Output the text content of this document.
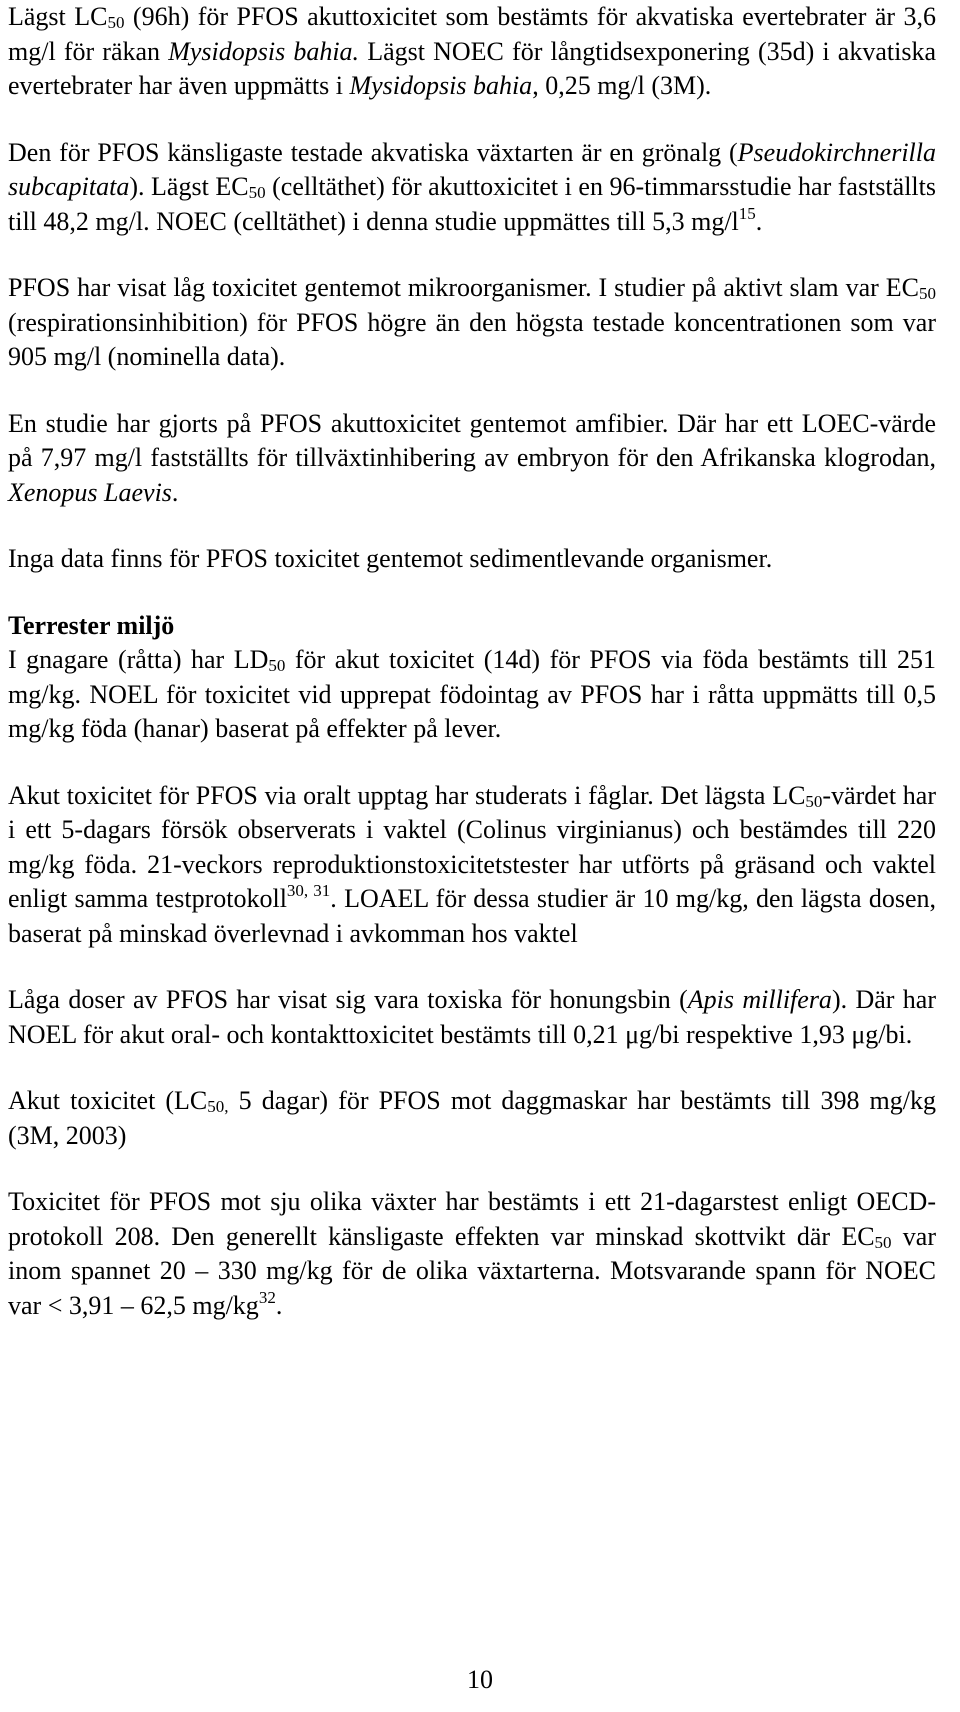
Lägst $LC_{50}$ (96h) för PFOS akuttoxicitet som bestämts för akvatiska evertebrater är 3,6 mg/l för räkan Mysidopsis bahia. Lägst NOEC för långtidsexponering (35d) i akvatiska evertebrater har även uppmätts i Mysidopsis bahia, 0,25 mg/l (3M).

Den för PFOS känsligaste testade akvatiska växtarten är en grönalg (Pseudokirchnerilla subcapitata). Lägst $EC_{50}$ (celltäthet) för akuttoxicitet i en 96-timmarsstudie har fastställts till 48,2 mg/l. NOEC (celltäthet) i denna studie uppmättes till 5,3 $mg/l^{15}$.

PFOS har visat låg toxicitet gentemot mikroorganismer. I studier på aktivt slam var $EC_{50}$ (respirationsinhibition) för PFOS högre än den högsta testade koncentrationen som var 905 mg/l (nominella data).

En studie har gjorts på PFOS akuttoxicitet gentemot amfibier. Där har ett LOEC-värde på 7,97 mg/l fastställts för tillväxtinhibering av embryon för den Afrikanska klogrodan, Xenopus Laevis.

Inga data finns för PFOS toxicitet gentemot sedimentlevande organismer.

Terrester miljö

I gnagare (råtta) har $LD_{50}$ för akut toxicitet (14d) för PFOS via föda bestämts till 251 mg/kg. NOEL för toxicitet vid upprepat födointag av PFOS har i råtta uppmätts till 0,5 mg/kg föda (hanar) baserat på effekter på lever.

Akut toxicitet för PFOS via oralt upptag har studerats i fåglar. Det lägsta $LC_{50}$-värdet har i ett 5-dagars försök observerats i vaktel (Colinus virginianus) och bestämdes till 220 mg/kg föda. 21-veckors reproduktionstoxicitetstester har utförts på gräsand och vaktel enligt samma testprotokoll$^{30, 31}$. LOAEL för dessa studier är 10 mg/kg, den lägsta dosen, baserat på minskad överlevnad i avkomman hos vaktel

Låga doser av PFOS har visat sig vara toxiska för honungsbin (Apis millifera). Där har NOEL för akut oral- och kontakttoxicitet bestämts till 0,21 μg/bi respektive 1,93 μg/bi.

Akut toxicitet ($LC_{50,}$ 5 dagar) för PFOS mot daggmaskar har bestämts till 398 mg/kg (3M, 2003)

Toxicitet för PFOS mot sju olika växter har bestämts i ett 21-dagarstest enligt OECD-protokoll 208. Den generellt känsligaste effekten var minskad skottvikt där $EC_{50}$ var inom spannet 20 – 330 mg/kg för de olika växtarterna. Motsvarande spann för NOEC var < 3,91 – 62,5 $mg/kg^{32}$.

10
